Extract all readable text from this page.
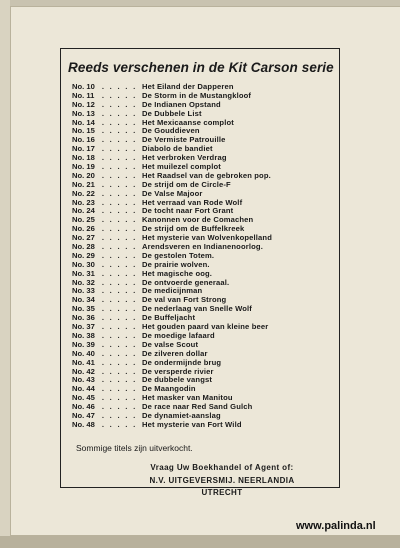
Reeds verschenen in de Kit Carson serie
No. 10 . . . . . Het Eiland der Dapperen
No. 11	. . . . . De Storm in de Mustangkloof
No. 12 . . . . . De Indianen Opstand
No. 13 . . . . . De Dubbele List
No. 14 . . . . . Het Mexicaanse complot
No. 15 . . . . . De Gouddieven
No. 16 . . . . . De Vermiste Patrouille
No. 17 . . . . . Diabolo de bandiet
No. 18 . . . . . Het verbroken Verdrag
No. 19 . . . . . Het muilezel complot
No. 20 . . . . . Het Raadsel van de gebroken pop.
No. 21 . . . . . De strijd om de Circle-F
No. 22 . . . . . De Valse Majoor
No. 23 . . . . . Het verraad van Rode Wolf
No. 24 . . . . . De tocht naar Fort Grant
No. 25 . . . . . Kanonnen voor de Comachen
No. 26 . . . . . De strijd om de Buffelkreek
No. 27 . . . . . Het mysterie van Wolvenkopelland
No. 28 . . . . . Arendsveren en Indianenoorlog.
No. 29 . . . . . De gestolen Totem.
No. 30 . . . . . De prairie wolven.
No. 31 . . . . . Het magische oog.
No. 32 . . . . . De ontvoerde generaal.
No. 33 . . . . . De medicijnman
No. 34 . . . . . De val van Fort Strong
No. 35 . . . . . De nederlaag van Snelle Wolf
No. 36 . . . . . De Buffeljacht
No. 37 . . . . . Het gouden paard van kleine beer
No. 38 . . . . . De moedige lafaard
No. 39 . . . . . De valse Scout
No. 40 . . . . . De zilveren dollar
No. 41 . . . . . De ondermijnde brug
No. 42 . . . . . De versperde rivier
No. 43 . . . . . De dubbele vangst
No. 44 . . . . . De Maangodin
No. 45 . . . . . Het masker van Manitou
No. 46 . . . . . De race naar Red Sand Gulch
No. 47 . . . . . De dynamiet-aanslag
No. 48 . . . . . Het mysterie van Fort Wild
Sommige titels zijn uitverkocht.
Vraag Uw Boekhandel of Agent of:
N.V. UITGEVERSMIJ. NEERLANDIA
UTRECHT
www.palinda.nl
